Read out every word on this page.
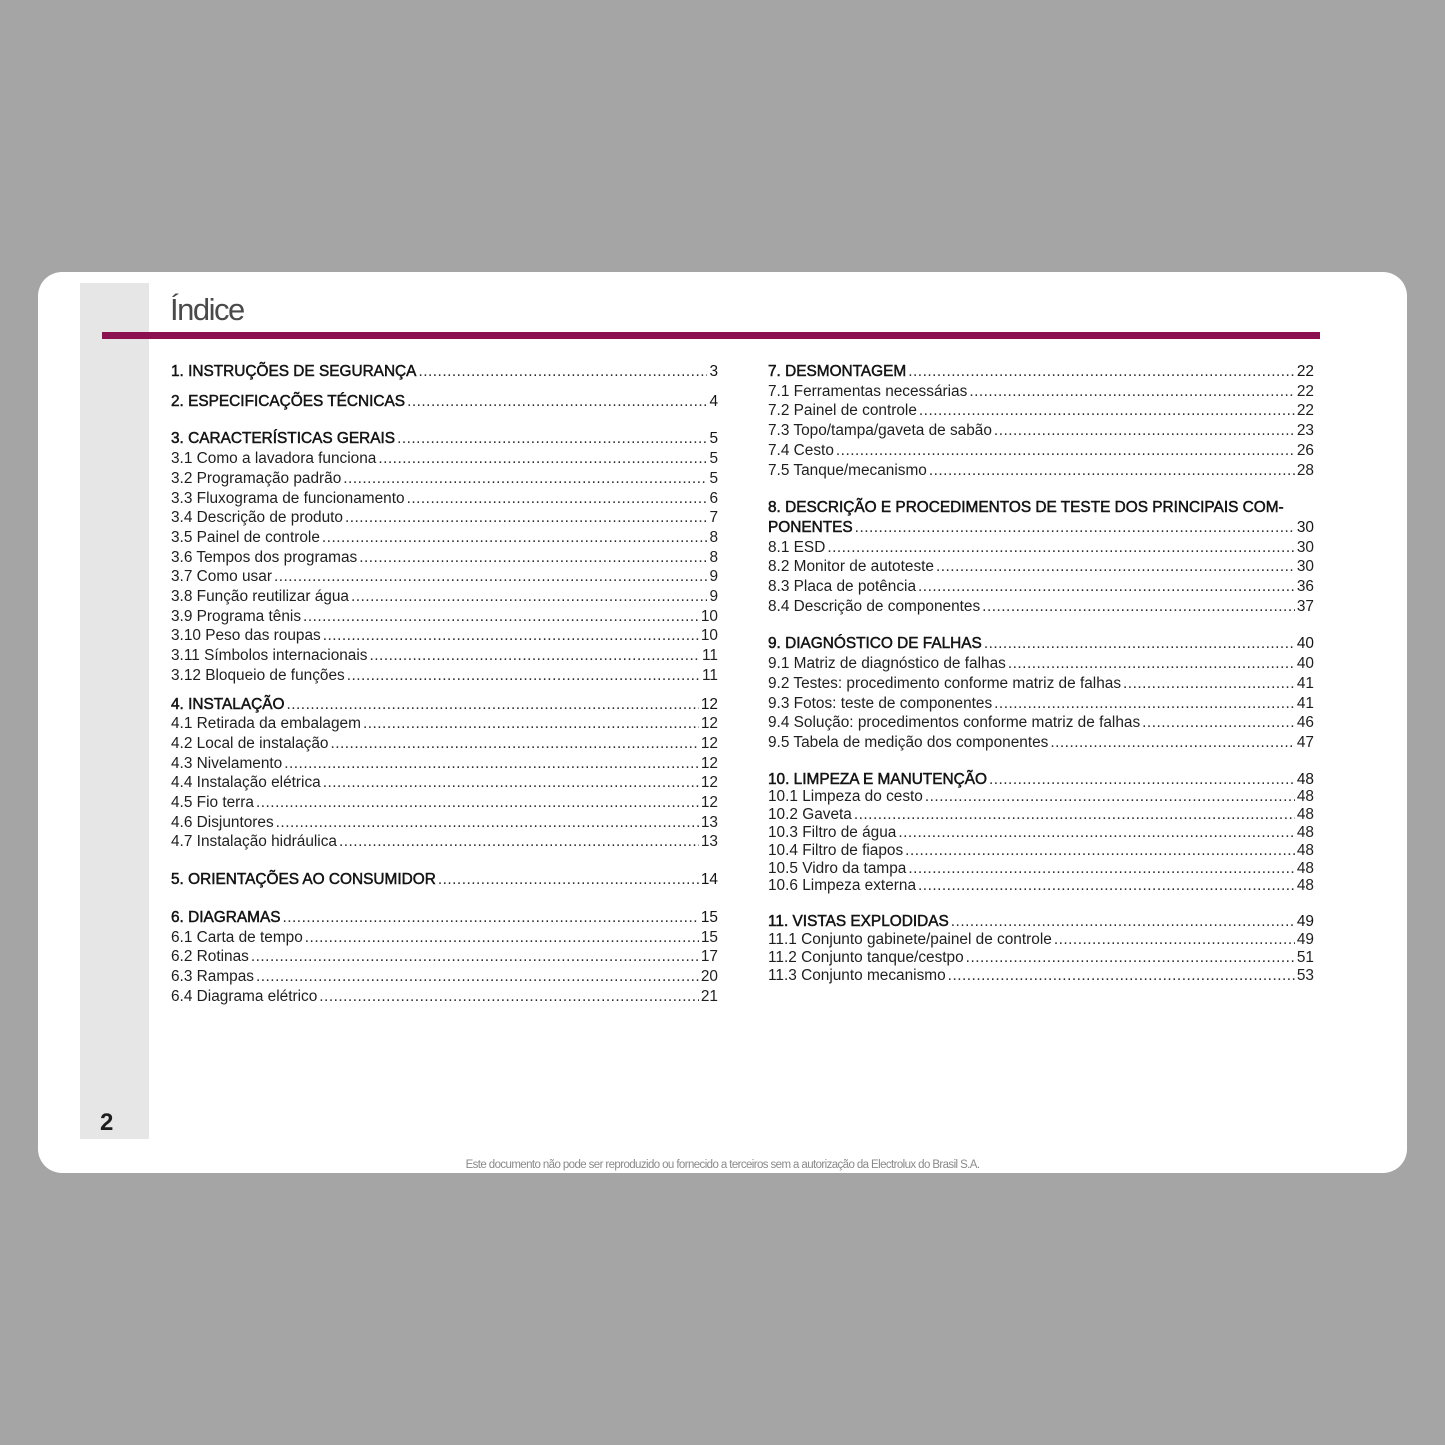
2
Índice
1. INSTRUÇÕES DE SEGURANÇA .....	3
2. ESPECIFICAÇÕES TÉCNICAS .....	4
3. CARACTERÍSTICAS GERAIS .....	5
3.1 Como a lavadora funciona .....	5
3.2 Programação padrão .....	5
3.3 Fluxograma de funcionamento .....	6
3.4 Descrição de produto .....	7
3.5 Painel de controle .....	8
3.6 Tempos dos programas .....	8
3.7 Como usar .....	9
3.8 Função reutilizar água .....	9
3.9 Programa tênis .....	10
3.10 Peso das roupas .....	10
3.11 Símbolos internacionais .....	11
3.12 Bloqueio de funções .....	11
4. INSTALAÇÃO .....	12
4.1 Retirada da embalagem .....	12
4.2 Local de instalação .....	12
4.3 Nivelamento .....	12
4.4 Instalação elétrica .....	12
4.5 Fio terra .....	12
4.6 Disjuntores .....	13
4.7 Instalação hidráulica .....	13
5. ORIENTAÇÕES AO CONSUMIDOR .....	14
6. DIAGRAMAS .....	15
6.1 Carta de tempo .....	15
6.2 Rotinas .....	17
6.3 Rampas .....	20
6.4 Diagrama elétrico .....	21
7. DESMONTAGEM .....	22
7.1 Ferramentas necessárias .....	22
7.2 Painel de controle .....	22
7.3 Topo/tampa/gaveta de sabão .....	23
7.4 Cesto .....	26
7.5 Tanque/mecanismo .....	28
8. DESCRIÇÃO E PROCEDIMENTOS DE TESTE DOS PRINCIPAIS COM-
PONENTES .....	30
8.1 ESD .....	30
8.2 Monitor de autoteste .....	30
8.3 Placa de potência .....	36
8.4 Descrição de componentes .....	37
9. DIAGNÓSTICO DE FALHAS .....	40
9.1 Matriz de diagnóstico de falhas .....	40
9.2 Testes: procedimento conforme matriz de falhas .....	41
9.3 Fotos: teste de componentes .....	41
9.4 Solução: procedimentos conforme matriz de falhas .....	46
9.5 Tabela de medição dos componentes .....	47
10. LIMPEZA E MANUTENÇÃO .....	48
10.1 Limpeza do cesto .....	48
10.2 Gaveta .....	48
10.3 Filtro de água .....	48
10.4 Filtro de fiapos .....	48
10.5 Vidro da tampa .....	48
10.6 Limpeza externa .....	48
11. VISTAS EXPLODIDAS .....	49
11.1 Conjunto gabinete/painel de controle .....	49
11.2 Conjunto tanque/cestpo .....	51
11.3 Conjunto mecanismo .....	53
Este documento não pode ser reproduzido ou fornecido a terceiros sem a autorização da Electrolux do Brasil S.A.
